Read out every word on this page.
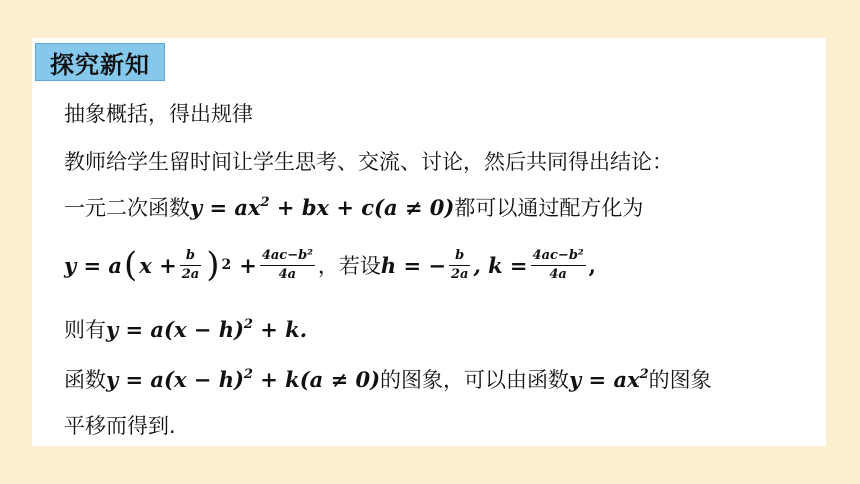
探究新知
抽象概括，得出规律
教师给学生留时间让学生思考、交流、讨论，然后共同得出结论：
一元二次函数 $y = ax^2$ + bx + c(a ≠ 0) 都可以通过配方化为
y = a ( $x + \frac{b}{2a}$ ) $2 + \frac{\text{4ac−b²}}{4a}$ ， 若设 h = − $\frac{b}{2a}$ , $k = \frac{\text{4ac−b²}}{4a}$ ,
则有 $y = a(x - h)^2 + k$.
函数 $y = a(x - h)^2 + k(a \ne 0)$ 的图象，可以由函数 $y = ax^2$ 的图象
平移而得到.
